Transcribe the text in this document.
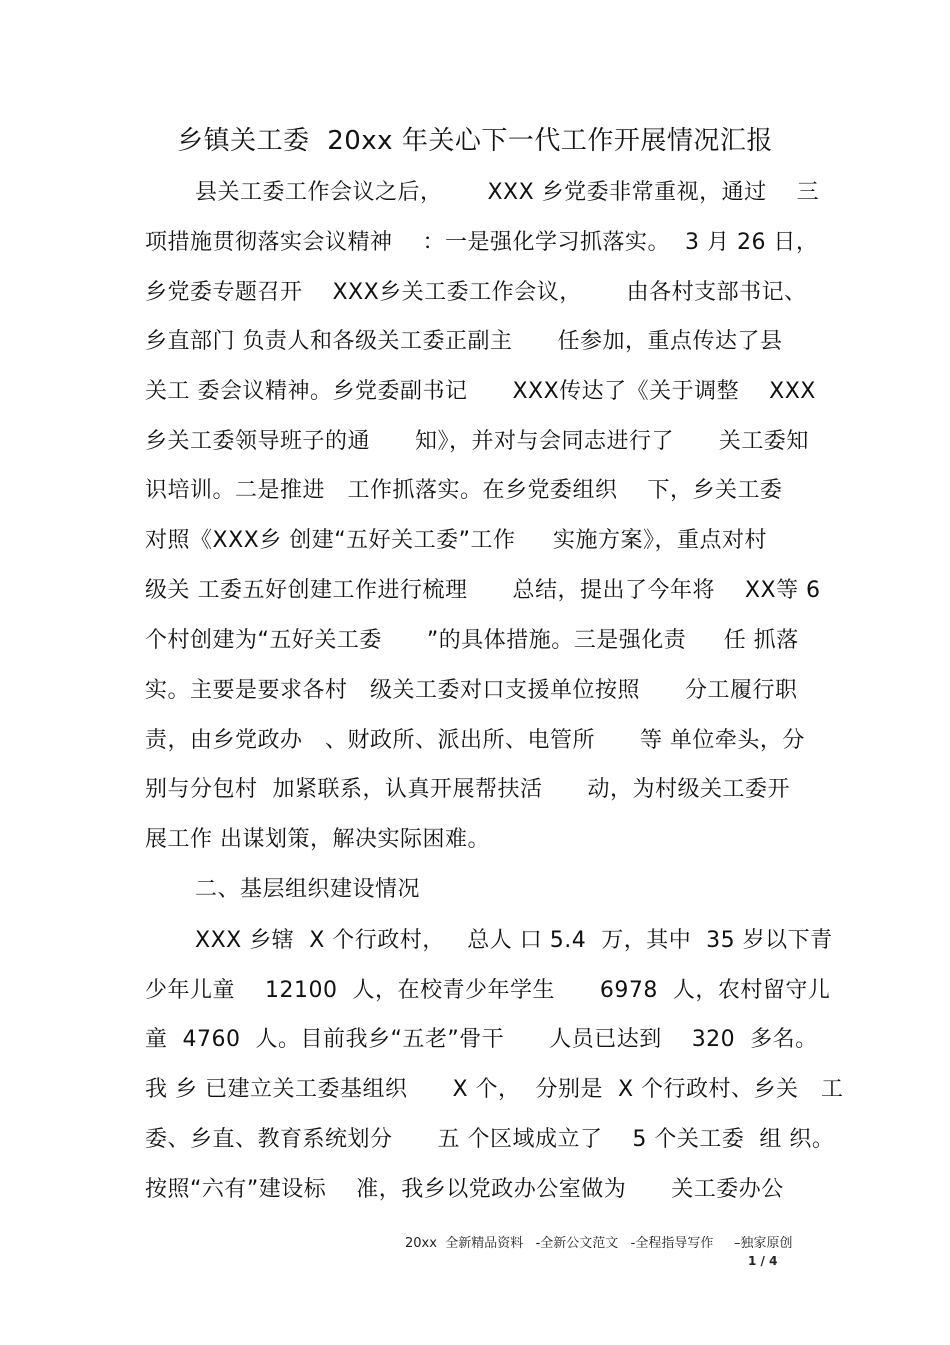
乡镇关工委  20xx 年关心下一代工作开展情况汇报
县关工委工作会议之后，      XXX 乡党委非常重视，通过    三
项措施贯彻落实会议精神    ：一是强化学习抓落实。  3 月 26 日，
乡党委专题召开    XXX乡关工委工作会议，      由各村支部书记、
乡直部门 负责人和各级关工委正副主      任参加，重点传达了县
关工 委会议精神。乡党委副书记      XXX传达了《关于调整    XXX
乡关工委领导班子的通      知》，并对与会同志进行了      关工委知
识培训。二是推进   工作抓落实。在乡党委组织    下，乡关工委
对照《XXX乡 创建“五好关工委”工作     实施方案》，重点对村
级关 工委五好创建工作进行梳理      总结，提出了今年将    XX等 6
个村创建为“五好关工委      ”的具体措施。三是强化责     任 抓落
实。主要是要求各村   级关工委对口支援单位按照      分工履行职
责，由乡党政办   、财政所、派出所、电管所      等 单位牵头，分
别与分包村  加紧联系，认真开展帮扶活      动，为村级关工委开
展工作 出谋划策，解决实际困难。
二、基层组织建设情况
XXX 乡辖  X 个行政村，   总人 口 5.4  万，其中  35 岁以下青
少年儿童    12100  人，在校青少年学生      6978  人，农村留守儿
童  4760  人。目前我乡“五老”骨干      人员已达到    320  多名。
我 乡 已建立关工委基组织      X 个，  分别是  X 个行政村、乡关   工
委、乡直、教育系统划分      五 个区域成立了    5 个关工委  组 织。
按照“六有”建设标    准，我乡以党政办公室做为      关工委办公
20xx  全新精品资料   -全新公文范文   -全程指导写作     –独家原创
1 / 4
